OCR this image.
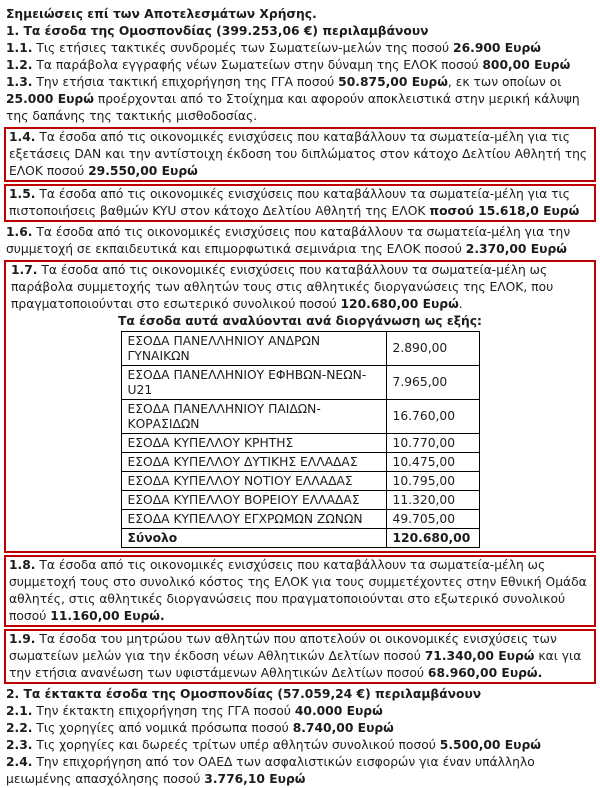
Σημειώσεις επί των Αποτελεσμάτων Χρήσης.

1. Τα έσοδα της Ομοσπονδίας (399.253,06 €) περιλαμβάνουν

1.1. Τις ετήσιες τακτικές συνδρομές των Σωματείων-μελών της ποσού 26.900 Ευρώ

1.2. Τα παράβολα εγγραφής νέων Σωματείων στην δύναμη της ΕΛΟΚ ποσού 800,00 Ευρώ

1.3. Την ετήσια τακτική επιχορήγηση της ΓΓΑ ποσού 50.875,00 Ευρώ, εκ των οποίων οι 25.000 Ευρώ προέρχονται από το Στοίχημα και αφορούν αποκλειστικά στην μερική κάλυψη της δαπάνης της τακτικής μισθοδοσίας.

1.4. Τα έσοδα από τις οικονομικές ενισχύσεις που καταβάλλουν τα σωματεία-μέλη για τις εξετάσεις DAN και την αντίστοιχη έκδοση του διπλώματος στον κάτοχο Δελτίου Αθλητή της ΕΛΟΚ ποσού 29.550,00 Ευρώ

1.5. Τα έσοδα από τις οικονομικές ενισχύσεις που καταβάλλουν τα σωματεία-μέλη για τις πιστοποιήσεις βαθμών KYU στον κάτοχο Δελτίου Αθλητή της ΕΛΟΚ ποσού 15.618,0 Ευρώ

1.6. Τα έσοδα από τις οικονομικές ενισχύσεις που καταβάλλουν τα σωματεία-μέλη για την συμμετοχή σε εκπαιδευτικά και επιμορφωτικά σεμινάρια της ΕΛΟΚ ποσού 2.370,00 Ευρώ

1.7. Τα έσοδα από τις οικονομικές ενισχύσεις που καταβάλλουν τα σωματεία-μέλη ως παράβολα συμμετοχής των αθλητών τους στις αθλητικές διοργανώσεις της ΕΛΟΚ, που πραγματοποιούνται στο εσωτερικό συνολικού ποσού 120.680,00 Ευρώ.

Τα έσοδα αυτά αναλύονται ανά διοργάνωση ως εξής:
ΕΣΟΔΑ ΠΑΝΕΛΛΗΝΙΟΥ ΑΝΔΡΩΝ ΓΥΝΑΙΚΩΝ	2.890,00
ΕΣΟΔΑ ΠΑΝΕΛΛΗΝΙΟΥ ΕΦΗΒΩΝ-ΝΕΩΝ-U21	7.965,00
ΕΣΟΔΑ ΠΑΝΕΛΛΗΝΙΟΥ ΠΑΙΔΩΝ-ΚΟΡΑΣΙΔΩΝ	16.760,00
ΕΣΟΔΑ ΚΥΠΕΛΛΟΥ ΚΡΗΤΗΣ	10.770,00
ΕΣΟΔΑ ΚΥΠΕΛΛΟΥ ΔΥΤΙΚΗΣ ΕΛΛΑΔΑΣ	10.475,00
ΕΣΟΔΑ ΚΥΠΕΛΛΟΥ ΝΟΤΙΟΥ ΕΛΛΑΔΑΣ	10.795,00
ΕΣΟΔΑ ΚΥΠΕΛΛΟΥ ΒΟΡΕΙΟΥ ΕΛΛΑΔΑΣ	11.320,00
ΕΣΟΔΑ ΚΥΠΕΛΛΟΥ ΕΓΧΡΩΜΩΝ ΖΩΝΩΝ	49.705,00
Σύνολο	120.680,00

1.8. Τα έσοδα από τις οικονομικές ενισχύσεις που καταβάλλουν τα σωματεία-μέλη ως συμμετοχή τους στο συνολικό κόστος της ΕΛΟΚ για τους συμμετέχοντες στην Εθνική Ομάδα αθλητές, στις αθλητικές διοργανώσεις που πραγματοποιούνται στο εξωτερικό συνολικού ποσού 11.160,00 Ευρώ.

1.9. Τα έσοδα του μητρώου των αθλητών που αποτελούν οι οικονομικές ενισχύσεις των σωματείων μελών για την έκδοση νέων Αθλητικών Δελτίων ποσού 71.340,00 Ευρώ και για την ετήσια ανανέωση των υφιστάμενων Αθλητικών Δελτίων ποσού 68.960,00 Ευρώ.

2. Τα έκτακτα έσοδα της Ομοσπονδίας (57.059,24 €) περιλαμβάνουν

2.1. Την έκτακτη επιχορήγηση της ΓΓΑ ποσού 40.000 Ευρώ

2.2. Τις χορηγίες από νομικά πρόσωπα ποσού 8.740,00 Ευρώ

2.3. Τις χορηγίες και δωρεές τρίτων υπέρ αθλητών συνολικού ποσού 5.500,00 Ευρώ

2.4. Την επιχορήγηση από τον ΟΑΕΔ των ασφαλιστικών εισφορών για έναν υπάλληλο μειωμένης απασχόλησης ποσού 3.776,10 Ευρώ
